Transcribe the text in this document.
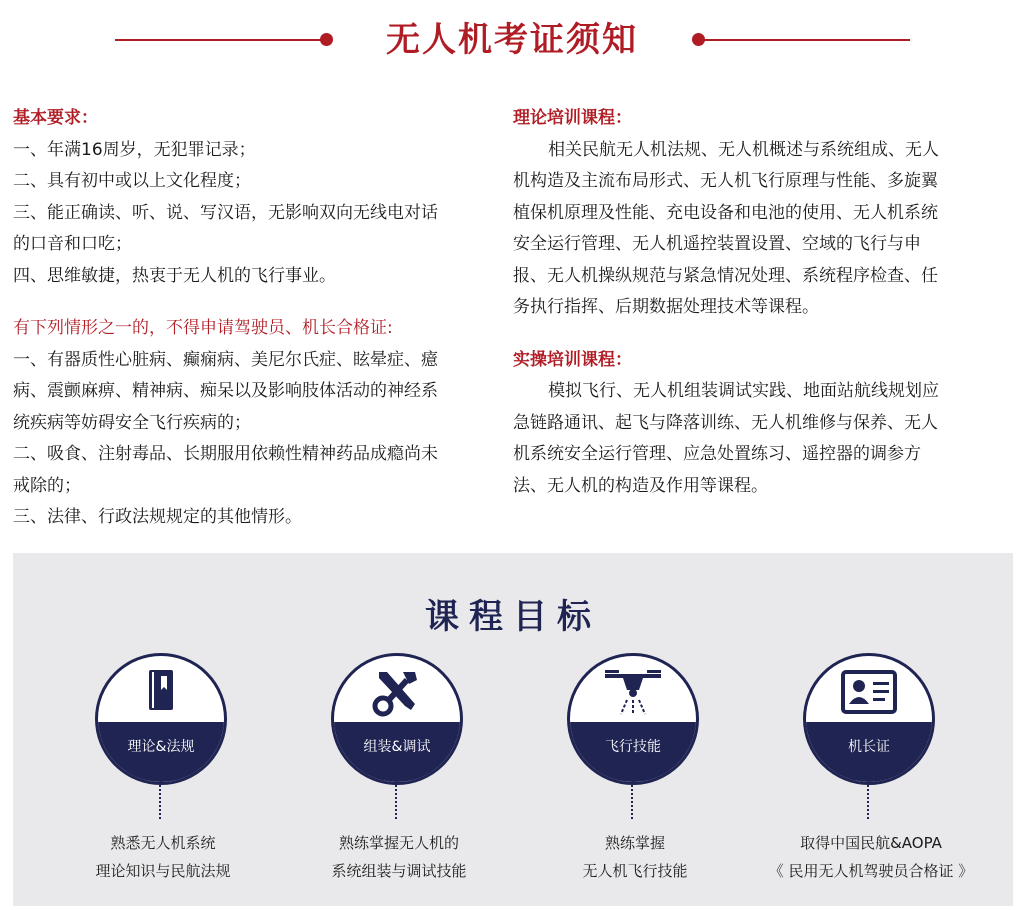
无人机考证须知
基本要求：
一、年满16周岁，无犯罪记录；
二、具有初中或以上文化程度；
三、能正确读、听、说、写汉语，无影响双向无线电对话
的口音和口吃；
四、思维敏捷，热衷于无人机的飞行事业。
有下列情形之一的，不得申请驾驶员、机长合格证:
一、有器质性心脏病、癫痫病、美尼尔氏症、眩晕症、癔
病、震颤麻痹、精神病、痴呆以及影响肢体活动的神经系
统疾病等妨碍安全飞行疾病的；
二、吸食、注射毒品、长期服用依赖性精神药品成瘾尚未
戒除的；
三、法律、行政法规规定的其他情形。
理论培训课程：
相关民航无人机法规、无人机概述与系统组成、无人
机构造及主流布局形式、无人机飞行原理与性能、多旋翼
植保机原理及性能、充电设备和电池的使用、无人机系统
安全运行管理、无人机遥控装置设置、空域的飞行与申
报、无人机操纵规范与紧急情况处理、系统程序检查、任
务执行指挥、后期数据处理技术等课程。
实操培训课程：
模拟飞行、无人机组装调试实践、地面站航线规划应
急链路通讯、起飞与降落训练、无人机维修与保养、无人
机系统安全运行管理、应急处置练习、遥控器的调参方
法、无人机的构造及作用等课程。
课程目标
理论&法规
熟悉无人机系统
理论知识与民航法规
组装&调试
熟练掌握无人机的
系统组装与调试技能
飞行技能
熟练掌握
无人机飞行技能
机长证
取得中国民航&AOPA
《 民用无人机驾驶员合格证 》
